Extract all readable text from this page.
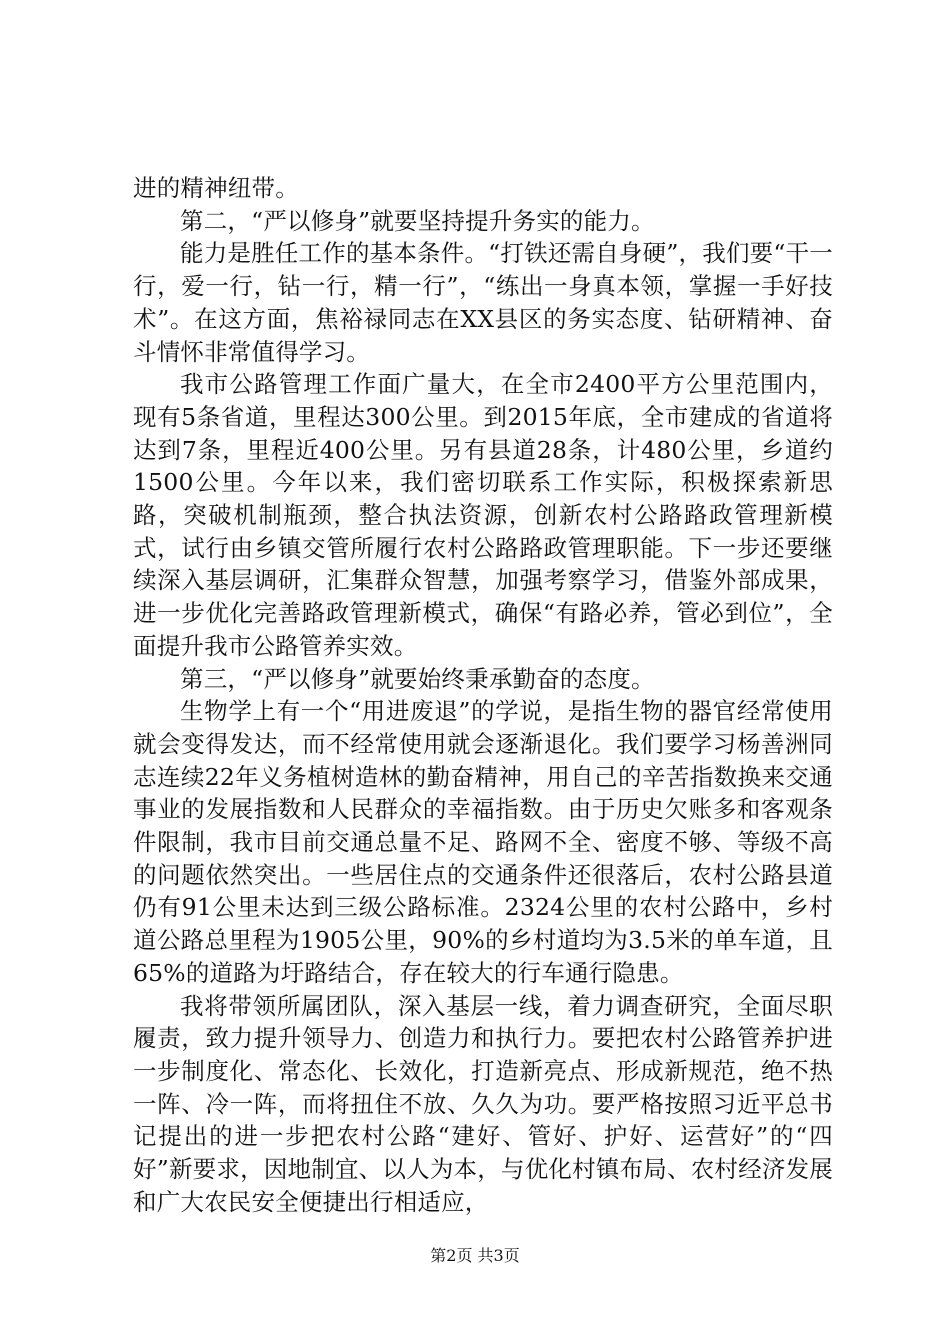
进的精神纽带。

第二，“严以修身”就要坚持提升务实的能力。

能力是胜任工作的基本条件。“打铁还需自身硬”，我们要“干一行，爱一行，钻一行，精一行”，“练出一身真本领，掌握一手好技术”。在这方面，焦裕禄同志在XX县区的务实态度、钻研精神、奋斗情怀非常值得学习。

我市公路管理工作面广量大，在全市2400平方公里范围内，现有5条省道，里程达300公里。到2015年底，全市建成的省道将达到7条，里程近400公里。另有县道28条，计480公里，乡道约1500公里。今年以来，我们密切联系工作实际，积极探索新思路，突破机制瓶颈，整合执法资源，创新农村公路路政管理新模式，试行由乡镇交管所履行农村公路路政管理职能。下一步还要继续深入基层调研，汇集群众智慧，加强考察学习，借鉴外部成果，进一步优化完善路政管理新模式，确保“有路必养，管必到位”，全面提升我市公路管养实效。

第三，“严以修身”就要始终秉承勤奋的态度。

生物学上有一个“用进废退”的学说，是指生物的器官经常使用就会变得发达，而不经常使用就会逐渐退化。我们要学习杨善洲同志连续22年义务植树造林的勤奋精神，用自己的辛苦指数换来交通事业的发展指数和人民群众的幸福指数。由于历史欠账多和客观条件限制，我市目前交通总量不足、路网不全、密度不够、等级不高的问题依然突出。一些居住点的交通条件还很落后，农村公路县道仍有91公里未达到三级公路标准。2324公里的农村公路中，乡村道公路总里程为1905公里，90%的乡村道均为3.5米的单车道，且65%的道路为圩路结合，存在较大的行车通行隐患。

我将带领所属团队，深入基层一线，着力调查研究，全面尽职履责，致力提升领导力、创造力和执行力。要把农村公路管养护进一步制度化、常态化、长效化，打造新亮点、形成新规范，绝不热一阵、冷一阵，而将扭住不放、久久为功。要严格按照习近平总书记提出的进一步把农村公路“建好、管好、护好、运营好”的“四好”新要求，因地制宜、以人为本，与优化村镇布局、农村经济发展和广大农民安全便捷出行相适应，

第2页 共3页
